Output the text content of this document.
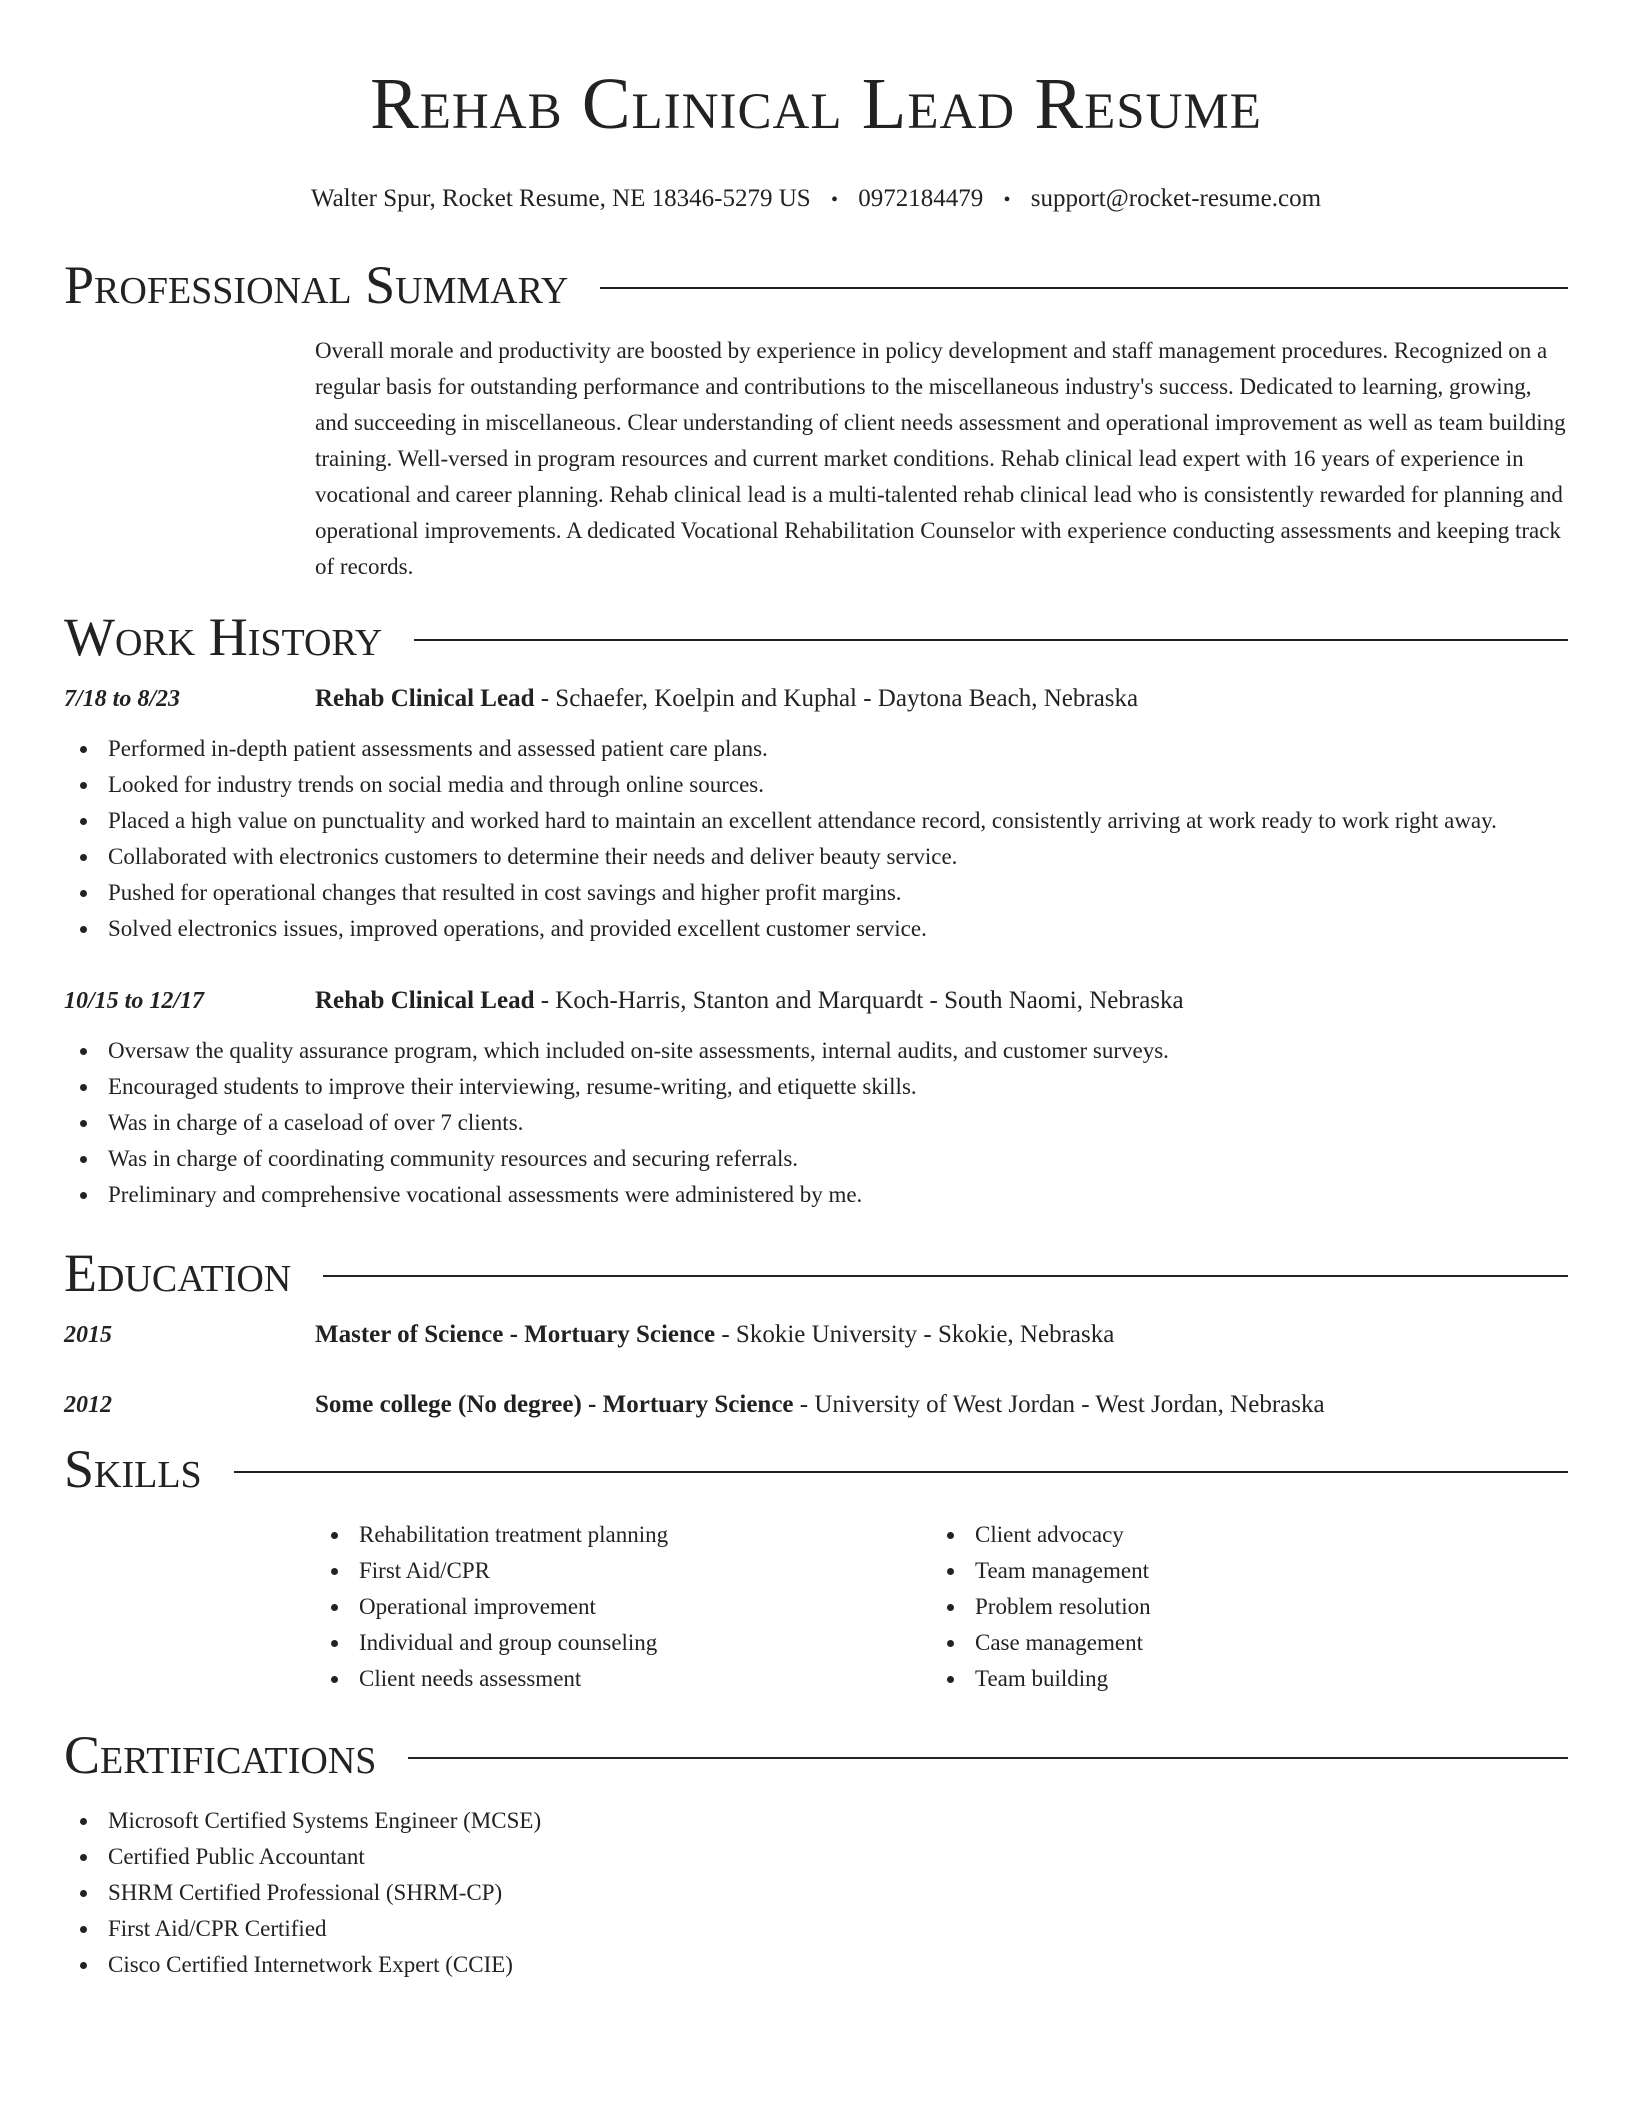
Rehab Clinical Lead Resume
Walter Spur, Rocket Resume, NE 18346-5279 US • 0972184479 • support@rocket-resume.com
Professional Summary
Overall morale and productivity are boosted by experience in policy development and staff management procedures. Recognized on a regular basis for outstanding performance and contributions to the miscellaneous industry's success. Dedicated to learning, growing, and succeeding in miscellaneous. Clear understanding of client needs assessment and operational improvement as well as team building training. Well-versed in program resources and current market conditions. Rehab clinical lead expert with 16 years of experience in vocational and career planning. Rehab clinical lead is a multi-talented rehab clinical lead who is consistently rewarded for planning and operational improvements. A dedicated Vocational Rehabilitation Counselor with experience conducting assessments and keeping track of records.
Work History
7/18 to 8/23	Rehab Clinical Lead - Schaefer, Koelpin and Kuphal - Daytona Beach, Nebraska
Performed in-depth patient assessments and assessed patient care plans.
Looked for industry trends on social media and through online sources.
Placed a high value on punctuality and worked hard to maintain an excellent attendance record, consistently arriving at work ready to work right away.
Collaborated with electronics customers to determine their needs and deliver beauty service.
Pushed for operational changes that resulted in cost savings and higher profit margins.
Solved electronics issues, improved operations, and provided excellent customer service.
10/15 to 12/17	Rehab Clinical Lead - Koch-Harris, Stanton and Marquardt - South Naomi, Nebraska
Oversaw the quality assurance program, which included on-site assessments, internal audits, and customer surveys.
Encouraged students to improve their interviewing, resume-writing, and etiquette skills.
Was in charge of a caseload of over 7 clients.
Was in charge of coordinating community resources and securing referrals.
Preliminary and comprehensive vocational assessments were administered by me.
Education
2015	Master of Science - Mortuary Science - Skokie University - Skokie, Nebraska
2012	Some college (No degree) - Mortuary Science - University of West Jordan - West Jordan, Nebraska
Skills
Rehabilitation treatment planning
First Aid/CPR
Operational improvement
Individual and group counseling
Client needs assessment
Client advocacy
Team management
Problem resolution
Case management
Team building
Certifications
Microsoft Certified Systems Engineer (MCSE)
Certified Public Accountant
SHRM Certified Professional (SHRM-CP)
First Aid/CPR Certified
Cisco Certified Internetwork Expert (CCIE)
